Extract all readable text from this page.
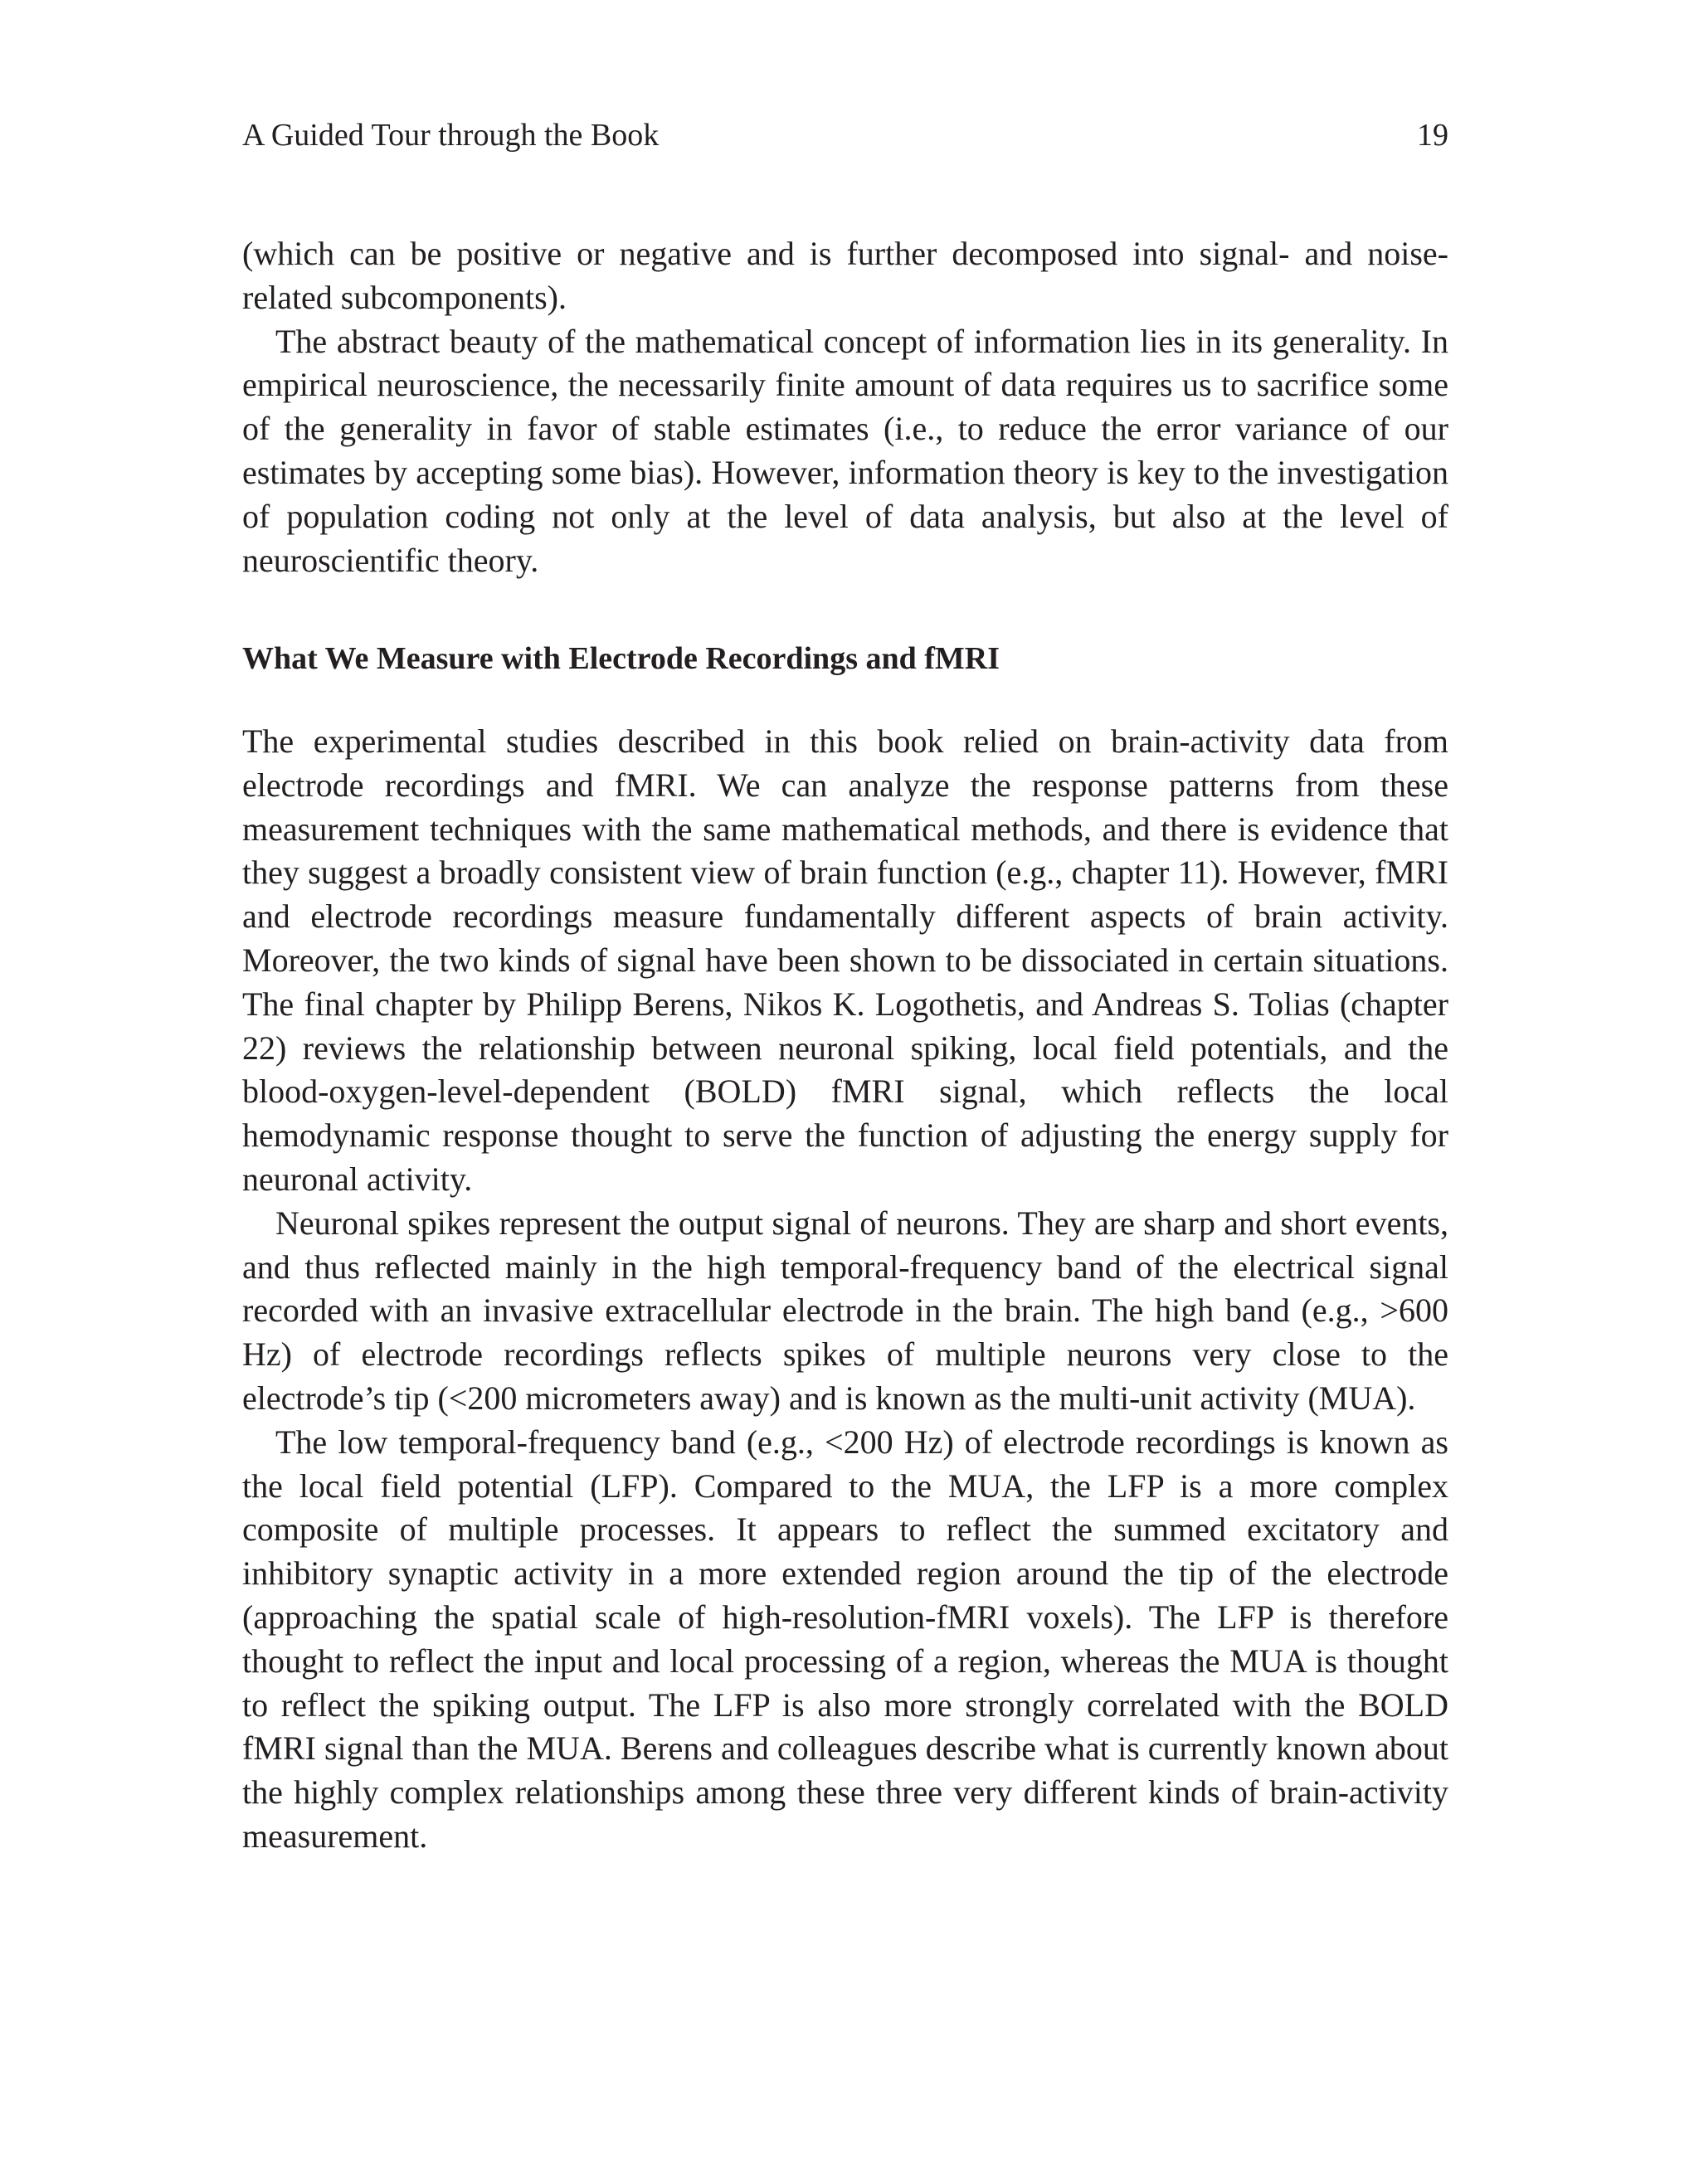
A Guided Tour through the Book	19

(which can be positive or negative and is further decomposed into signal- and noise-related subcomponents).

The abstract beauty of the mathematical concept of information lies in its generality. In empirical neuroscience, the necessarily finite amount of data requires us to sacrifice some of the generality in favor of stable estimates (i.e., to reduce the error variance of our estimates by accepting some bias). However, information theory is key to the investigation of population coding not only at the level of data analysis, but also at the level of neuroscientific theory.

What We Measure with Electrode Recordings and fMRI

The experimental studies described in this book relied on brain-activity data from electrode recordings and fMRI. We can analyze the response patterns from these measurement techniques with the same mathematical methods, and there is evidence that they suggest a broadly consistent view of brain function (e.g., chapter 11). However, fMRI and electrode recordings measure fundamentally different aspects of brain activity. Moreover, the two kinds of signal have been shown to be dissociated in certain situations. The final chapter by Philipp Berens, Nikos K. Logothetis, and Andreas S. Tolias (chapter 22) reviews the relationship between neuronal spiking, local field potentials, and the blood-oxygen-level-dependent (BOLD) fMRI signal, which reflects the local hemodynamic response thought to serve the function of adjusting the energy supply for neuronal activity.

Neuronal spikes represent the output signal of neurons. They are sharp and short events, and thus reflected mainly in the high temporal-frequency band of the electrical signal recorded with an invasive extracellular electrode in the brain. The high band (e.g., >600 Hz) of electrode recordings reflects spikes of multiple neurons very close to the electrode’s tip (<200 micrometers away) and is known as the multi-unit activity (MUA).

The low temporal-frequency band (e.g., <200 Hz) of electrode recordings is known as the local field potential (LFP). Compared to the MUA, the LFP is a more complex composite of multiple processes. It appears to reflect the summed excitatory and inhibitory synaptic activity in a more extended region around the tip of the electrode (approaching the spatial scale of high-resolution-fMRI voxels). The LFP is therefore thought to reflect the input and local processing of a region, whereas the MUA is thought to reflect the spiking output. The LFP is also more strongly correlated with the BOLD fMRI signal than the MUA. Berens and colleagues describe what is currently known about the highly complex relationships among these three very different kinds of brain-activity measurement.
